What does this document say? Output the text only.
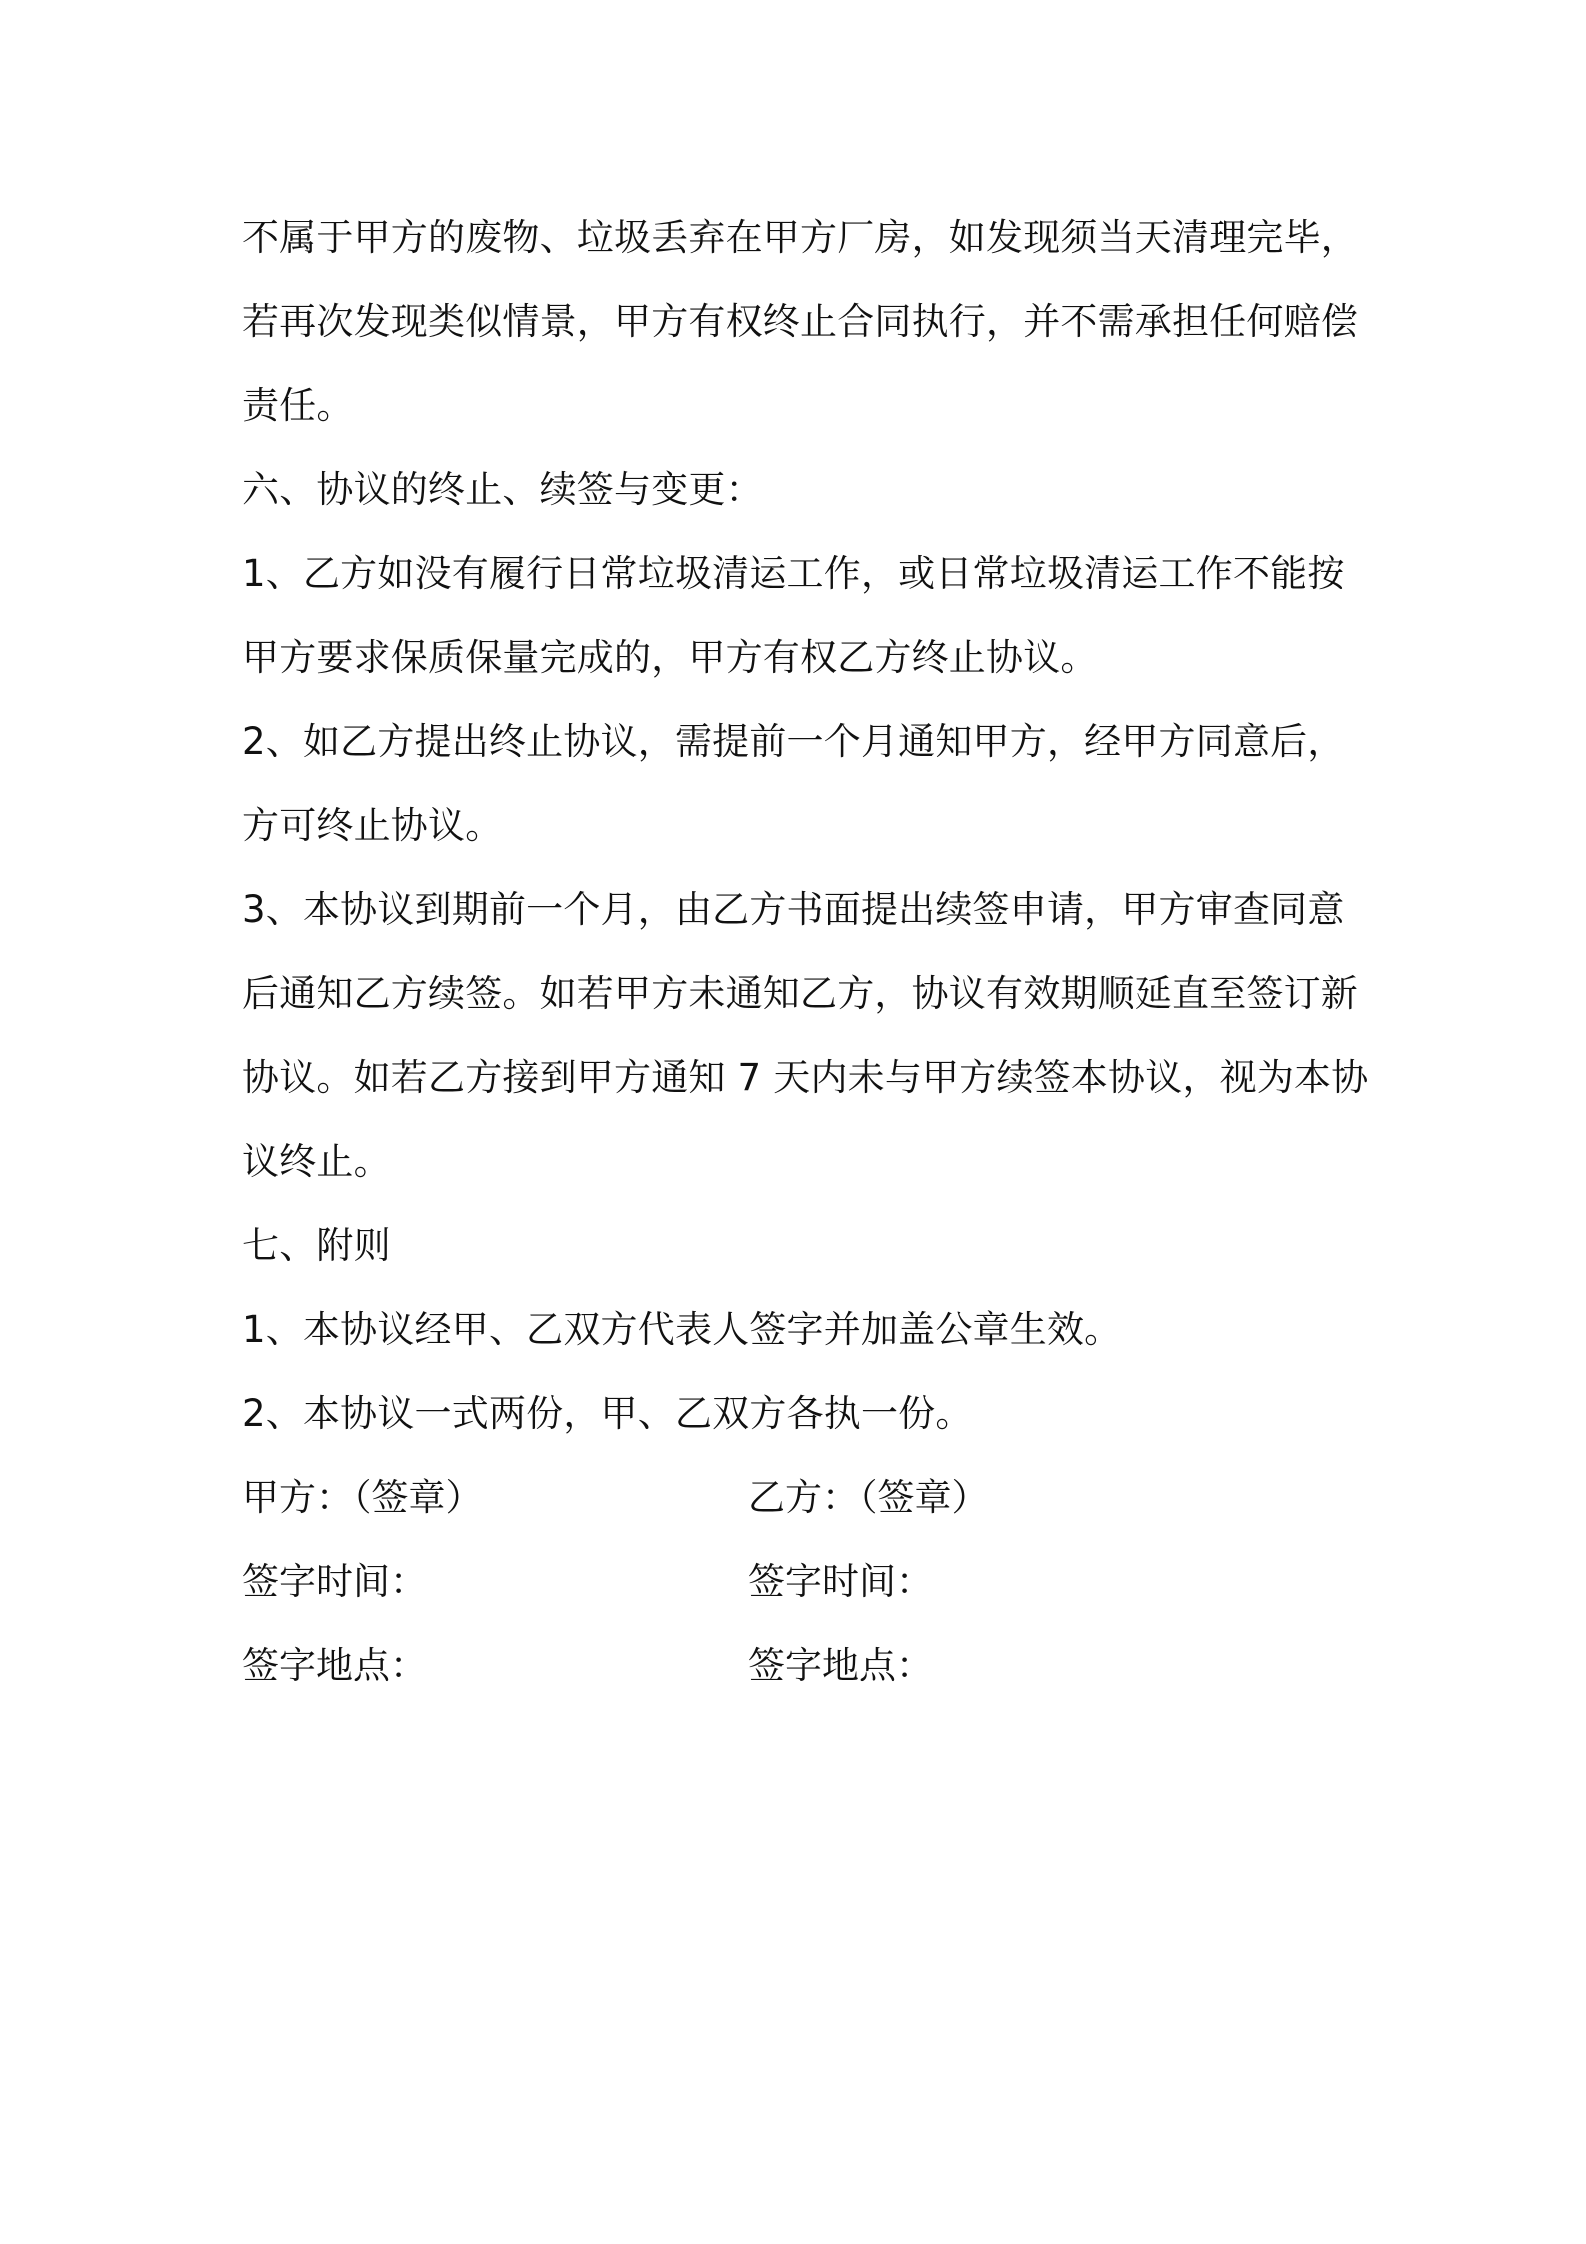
不属于甲方的废物、垃圾丢弃在甲方厂房，如发现须当天清理完毕，
若再次发现类似情景，甲方有权终止合同执行，并不需承担任何赔偿
责任。
六、协议的终止、续签与变更：
1、乙方如没有履行日常垃圾清运工作，或日常垃圾清运工作不能按
甲方要求保质保量完成的，甲方有权乙方终止协议。
2、如乙方提出终止协议，需提前一个月通知甲方，经甲方同意后，
方可终止协议。
3、本协议到期前一个月，由乙方书面提出续签申请，甲方审查同意
后通知乙方续签。如若甲方未通知乙方，协议有效期顺延直至签订新
协议。如若乙方接到甲方通知 7 天内未与甲方续签本协议，视为本协
议终止。
七、附则
1、本协议经甲、乙双方代表人签字并加盖公章生效。
2、本协议一式两份，甲、乙双方各执一份。
甲方：（签章）	乙方：（签章）
签字时间：	签字时间：
签字地点：	签字地点：
